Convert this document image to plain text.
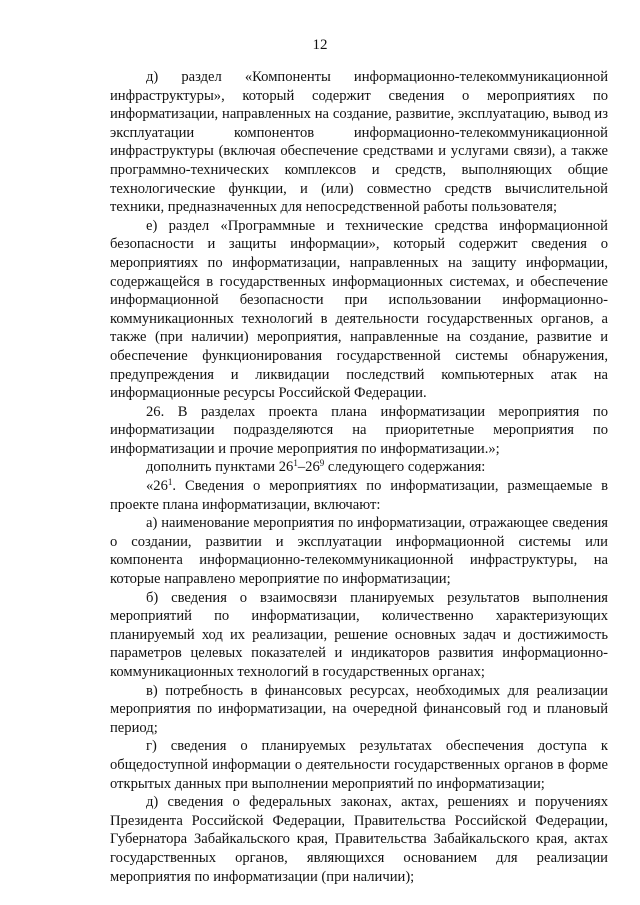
12

д) раздел «Компоненты информационно-телекоммуникационной инфраструктуры», который содержит сведения о мероприятиях по информатизации, направленных на создание, развитие, эксплуатацию, вывод из эксплуатации компонентов информационно-телекоммуникационной инфраструктуры (включая обеспечение средствами и услугами связи), а также программно-технических комплексов и средств, выполняющих общие технологические функции, и (или) совместно средств вычислительной техники, предназначенных для непосредственной работы пользователя;

е) раздел «Программные и технические средства информационной безопасности и защиты информации», который содержит сведения о мероприятиях по информатизации, направленных на защиту информации, содержащейся в государственных информационных системах, и обеспечение информационной безопасности при использовании информационно-коммуникационных технологий в деятельности государственных органов, а также (при наличии) мероприятия, направленные на создание, развитие и обеспечение функционирования государственной системы обнаружения, предупреждения и ликвидации последствий компьютерных атак на информационные ресурсы Российской Федерации.

26. В разделах проекта плана информатизации мероприятия по информатизации подразделяются на приоритетные мероприятия по информатизации и прочие мероприятия по информатизации.»;

дополнить пунктами $26^1-26^9$ следующего содержания:

«$26^1$. Сведения о мероприятиях по информатизации, размещаемые в проекте плана информатизации, включают:

а) наименование мероприятия по информатизации, отражающее сведения о создании, развитии и эксплуатации информационной системы или компонента информационно-телекоммуникационной инфраструктуры, на которые направлено мероприятие по информатизации;

б) сведения о взаимосвязи планируемых результатов выполнения мероприятий по информатизации, количественно характеризующих планируемый ход их реализации, решение основных задач и достижимость параметров целевых показателей и индикаторов развития информационно-коммуникационных технологий в государственных органах;

в) потребность в финансовых ресурсах, необходимых для реализации мероприятия по информатизации, на очередной финансовый год и плановый период;

г) сведения о планируемых результатах обеспечения доступа к общедоступной информации о деятельности государственных органов в форме открытых данных при выполнении мероприятий по информатизации;

д) сведения о федеральных законах, актах, решениях и поручениях Президента Российской Федерации, Правительства Российской Федерации, Губернатора Забайкальского края, Правительства Забайкальского края, актах государственных органов, являющихся основанием для реализации мероприятия по информатизации (при наличии);
